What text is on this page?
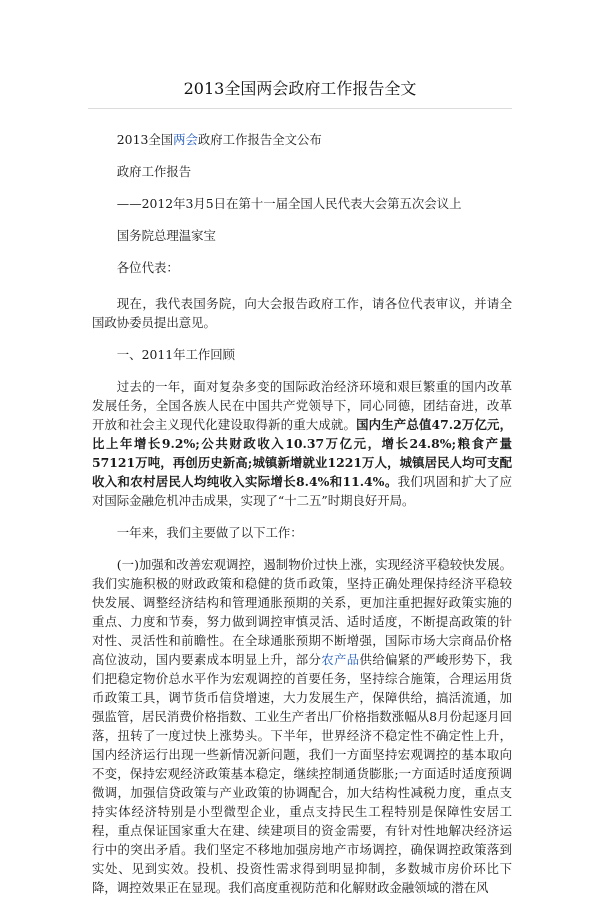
2013全国两会政府工作报告全文

2013全国两会政府工作报告全文公布

政府工作报告

——2012年3月5日在第十一届全国人民代表大会第五次会议上

国务院总理温家宝

各位代表：

现在，我代表国务院，向大会报告政府工作，请各位代表审议，并请全国政协委员提出意见。

一、2011年工作回顾

过去的一年，面对复杂多变的国际政治经济环境和艰巨繁重的国内改革发展任务，全国各族人民在中国共产党领导下，同心同德，团结奋进，改革开放和社会主义现代化建设取得新的重大成就。国内生产总值47.2万亿元，比上年增长9.2%;公共财政收入10.37万亿元，增长24.8%;粮食产量57121万吨，再创历史新高;城镇新增就业1221万人，城镇居民人均可支配收入和农村居民人均纯收入实际增长8.4%和11.4%。我们巩固和扩大了应对国际金融危机冲击成果，实现了“十二五”时期良好开局。

一年来，我们主要做了以下工作：

(一)加强和改善宏观调控，遏制物价过快上涨，实现经济平稳较快发展。我们实施积极的财政政策和稳健的货币政策，坚持正确处理保持经济平稳较快发展、调整经济结构和管理通胀预期的关系，更加注重把握好政策实施的重点、力度和节奏，努力做到调控审慎灵活、适时适度，不断提高政策的针对性、灵活性和前瞻性。在全球通胀预期不断增强，国际市场大宗商品价格高位波动，国内要素成本明显上升，部分农产品供给偏紧的严峻形势下，我们把稳定物价总水平作为宏观调控的首要任务，坚持综合施策，合理运用货币政策工具，调节货币信贷增速，大力发展生产，保障供给，搞活流通，加强监管，居民消费价格指数、工业生产者出厂价格指数涨幅从8月份起逐月回落，扭转了一度过快上涨势头。下半年，世界经济不稳定性不确定性上升，国内经济运行出现一些新情况新问题，我们一方面坚持宏观调控的基本取向不变，保持宏观经济政策基本稳定，继续控制通货膨胀;一方面适时适度预调微调，加强信贷政策与产业政策的协调配合，加大结构性减税力度，重点支持实体经济特别是小型微型企业，重点支持民生工程特别是保障性安居工程，重点保证国家重大在建、续建项目的资金需要，有针对性地解决经济运行中的突出矛盾。我们坚定不移地加强房地产市场调控，确保调控政策落到实处、见到实效。投机、投资性需求得到明显抑制，多数城市房价环比下降，调控效果正在显现。我们高度重视防范和化解财政金融领域的潜在风
